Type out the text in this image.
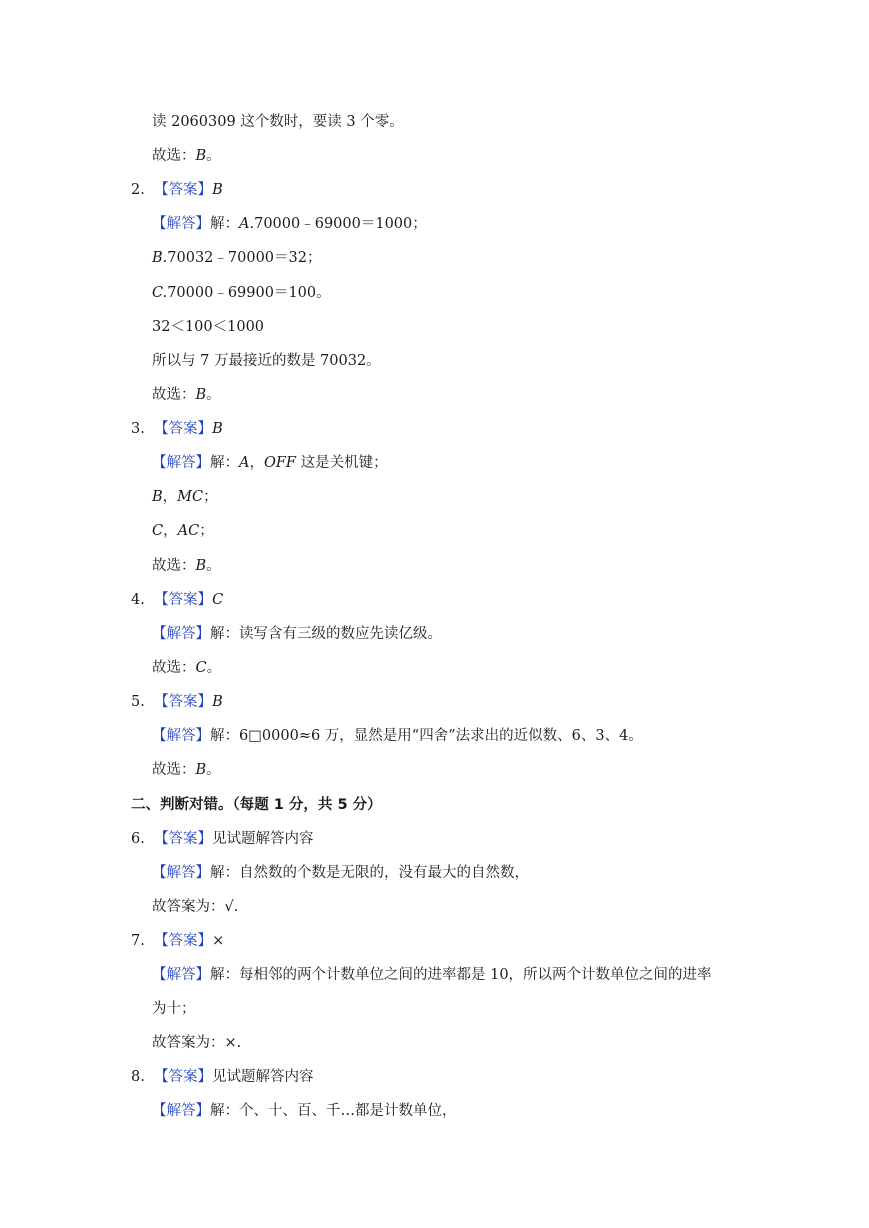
读 2060309 这个数时，要读 3 个零。
故选：B。
2. 【答案】B
【解答】解：A.70000﹣69000＝1000；
B.70032﹣70000＝32；
C.70000﹣69900＝100。
32＜100＜1000
所以与 7 万最接近的数是 70032。
故选：B。
3. 【答案】B
【解答】解：A，OFF 这是关机键；
B，MC；
C，AC；
故选：B。
4. 【答案】C
【解答】解：读写含有三级的数应先读亿级。
故选：C。
5. 【答案】B
【解答】解：6□0000≈6 万，显然是用“四舍”法求出的近似数、6、3、4。
故选：B。
二、判断对错。（每题 1 分，共 5 分）
6. 【答案】见试题解答内容
【解答】解：自然数的个数是无限的，没有最大的自然数，
故答案为：√.
7. 【答案】×
【解答】解：每相邻的两个计数单位之间的进率都是 10，所以两个计数单位之间的进率
为十；
故答案为：×.
8. 【答案】见试题解答内容
【解答】解：个、十、百、千…都是计数单位，
